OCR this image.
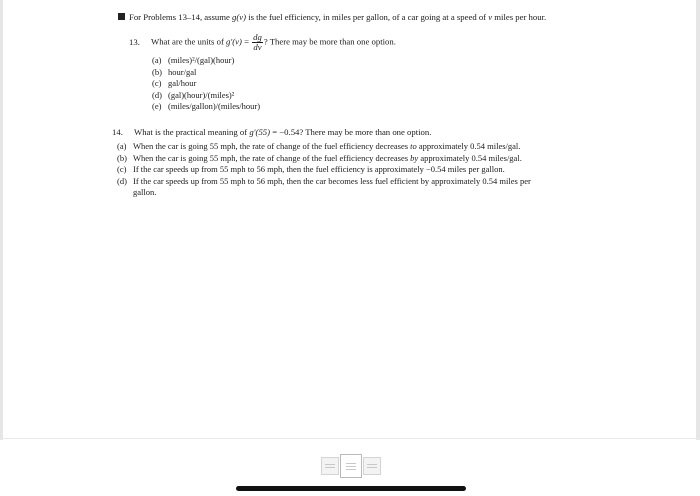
For Problems 13–14, assume g(v) is the fuel efficiency, in miles per gallon, of a car going at a speed of v miles per hour.
13. What are the units of $g'(v) = \frac{dg}{dv}$ ? There may be more than one option.
(a) (miles)²/(gal)(hour)
(b) hour/gal
(c) gal/hour
(d) (gal)(hour)/(miles)²
(e) (miles/gallon)/(miles/hour)
14. What is the practical meaning of g′(55) = −0.54? There may be more than one option.
(a) When the car is going 55 mph, the rate of change of the fuel efficiency decreases to approximately 0.54 miles/gal.
(b) When the car is going 55 mph, the rate of change of the fuel efficiency decreases by approximately 0.54 miles/gal.
(c) If the car speeds up from 55 mph to 56 mph, then the fuel efficiency is approximately −0.54 miles per gallon.
(d) If the car speeds up from 55 mph to 56 mph, then the car becomes less fuel efficient by approximately 0.54 miles per
gallon.
